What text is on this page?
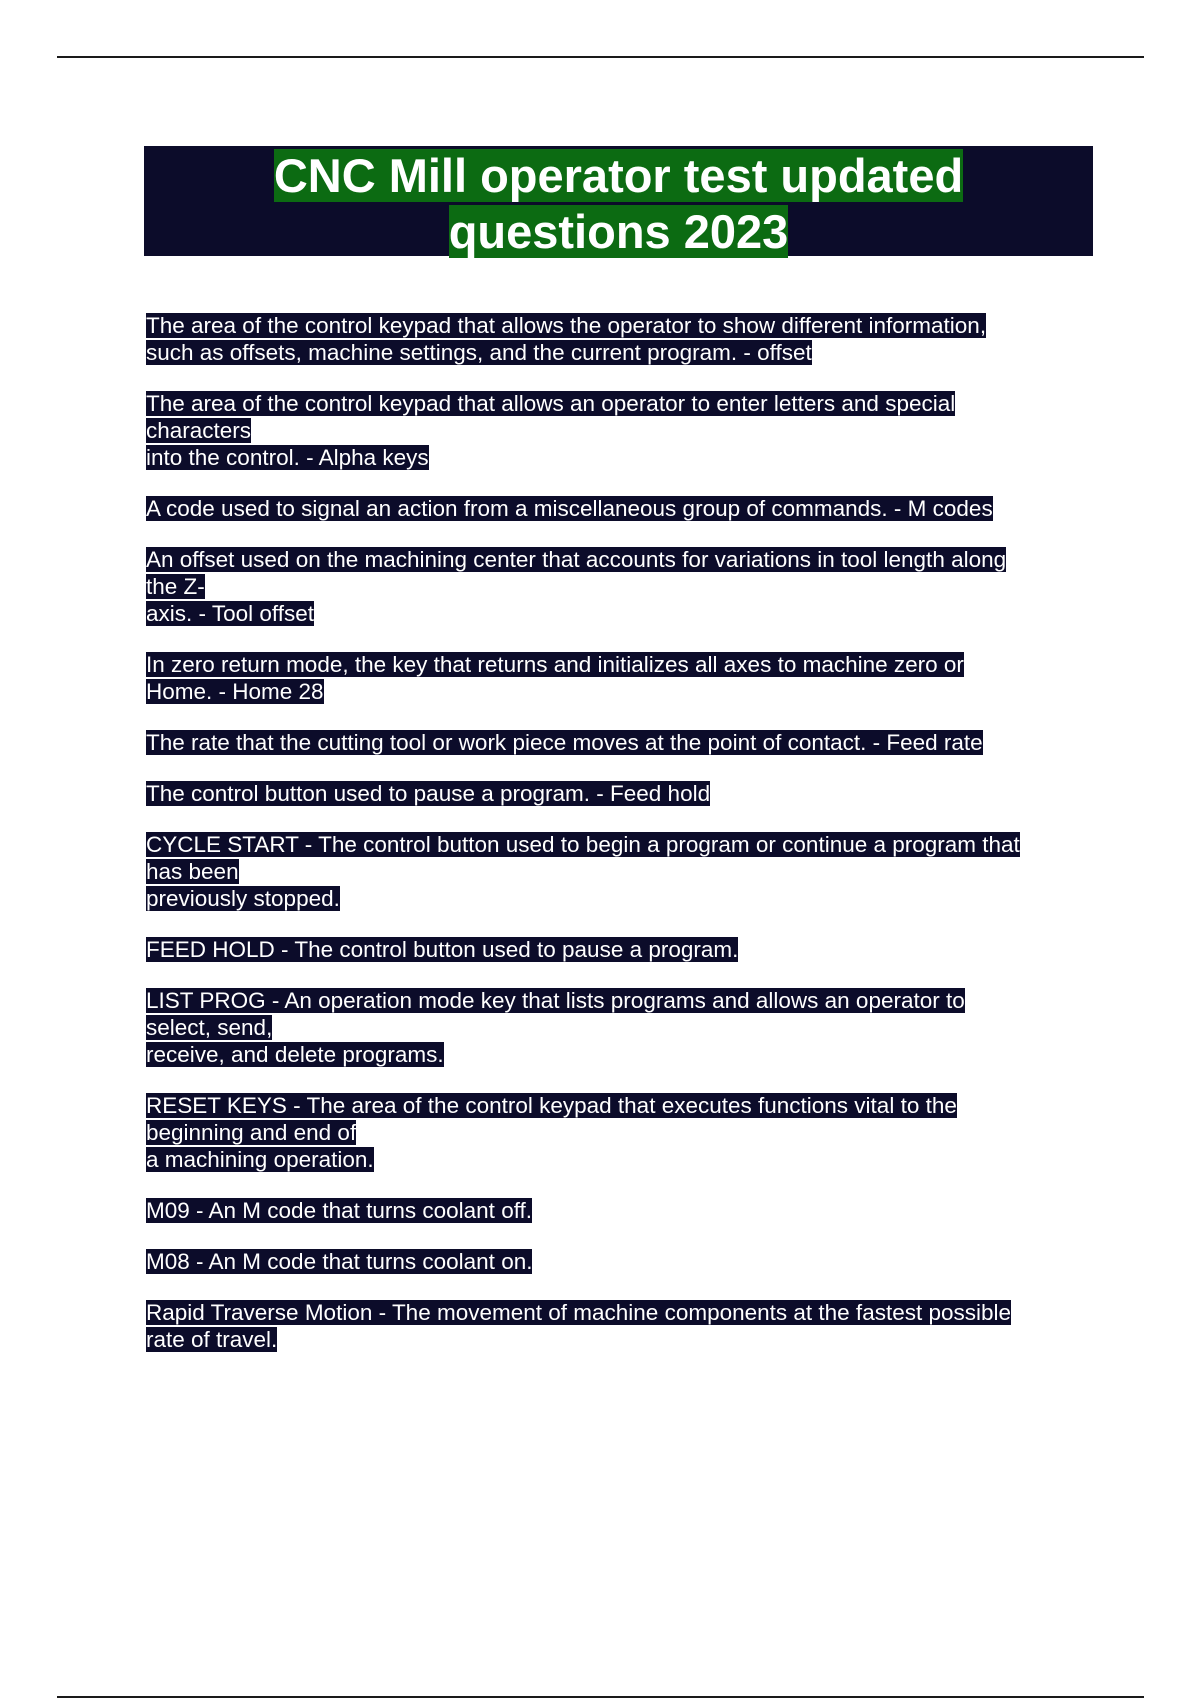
CNC Mill operator test updated
questions 2023
The area of the control keypad that allows the operator to show different information,
such as offsets, machine settings, and the current program. - offset
The area of the control keypad that allows an operator to enter letters and special
characters
into the control. - Alpha keys
A code used to signal an action from a miscellaneous group of commands. - M codes
An offset used on the machining center that accounts for variations in tool length along
the Z-
axis. - Tool offset
In zero return mode, the key that returns and initializes all axes to machine zero or
Home. - Home 28
The rate that the cutting tool or work piece moves at the point of contact. - Feed rate
The control button used to pause a program. - Feed hold
CYCLE START - The control button used to begin a program or continue a program that
has been
previously stopped.
FEED HOLD - The control button used to pause a program.
LIST PROG - An operation mode key that lists programs and allows an operator to
select, send,
receive, and delete programs.
RESET KEYS - The area of the control keypad that executes functions vital to the
beginning and end of
a machining operation.
M09 - An M code that turns coolant off.
M08 - An M code that turns coolant on.
Rapid Traverse Motion - The movement of machine components at the fastest possible
rate of travel.
